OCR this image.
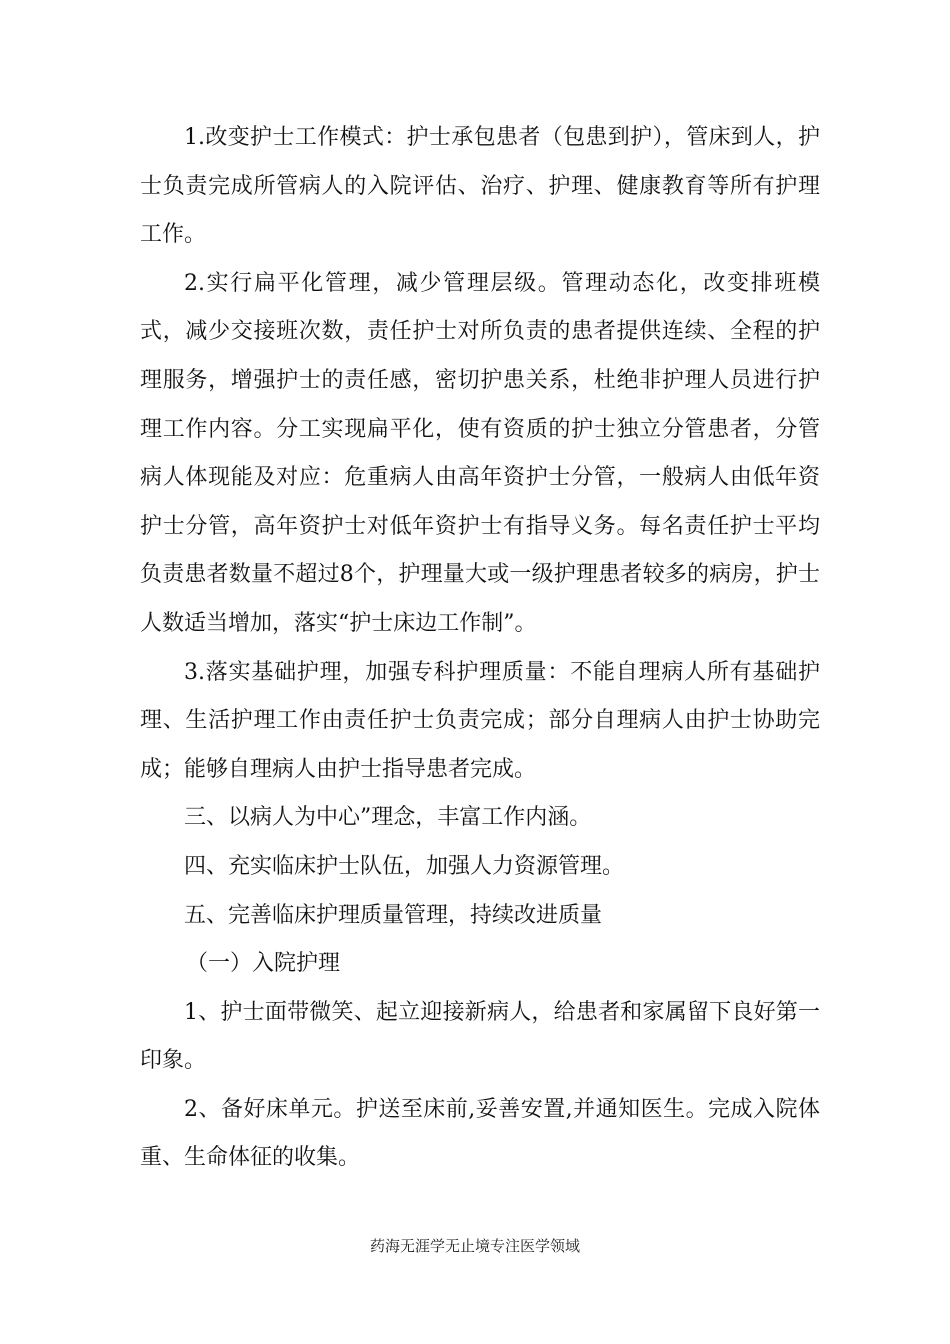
1.改变护士工作模式：护士承包患者（包患到护），管床到人，护士负责完成所管病人的入院评估、治疗、护理、健康教育等所有护理工作。

2.实行扁平化管理，减少管理层级。管理动态化，改变排班模式，减少交接班次数，责任护士对所负责的患者提供连续、全程的护理服务，增强护士的责任感，密切护患关系，杜绝非护理人员进行护理工作内容。分工实现扁平化，使有资质的护士独立分管患者，分管病人体现能及对应：危重病人由高年资护士分管，一般病人由低年资护士分管，高年资护士对低年资护士有指导义务。每名责任护士平均负责患者数量不超过8个，护理量大或一级护理患者较多的病房，护士人数适当增加，落实“护士床边工作制”。

3.落实基础护理，加强专科护理质量：不能自理病人所有基础护理、生活护理工作由责任护士负责完成；部分自理病人由护士协助完成；能够自理病人由护士指导患者完成。

三、以病人为中心”理念，丰富工作内涵。

四、充实临床护士队伍，加强人力资源管理。

五、完善临床护理质量管理，持续改进质量

（一）入院护理

1、护士面带微笑、起立迎接新病人，给患者和家属留下良好第一印象。

2、备好床单元。护送至床前,妥善安置,并通知医生。完成入院体重、生命体征的收集。

药海无涯学无止境专注医学领域
